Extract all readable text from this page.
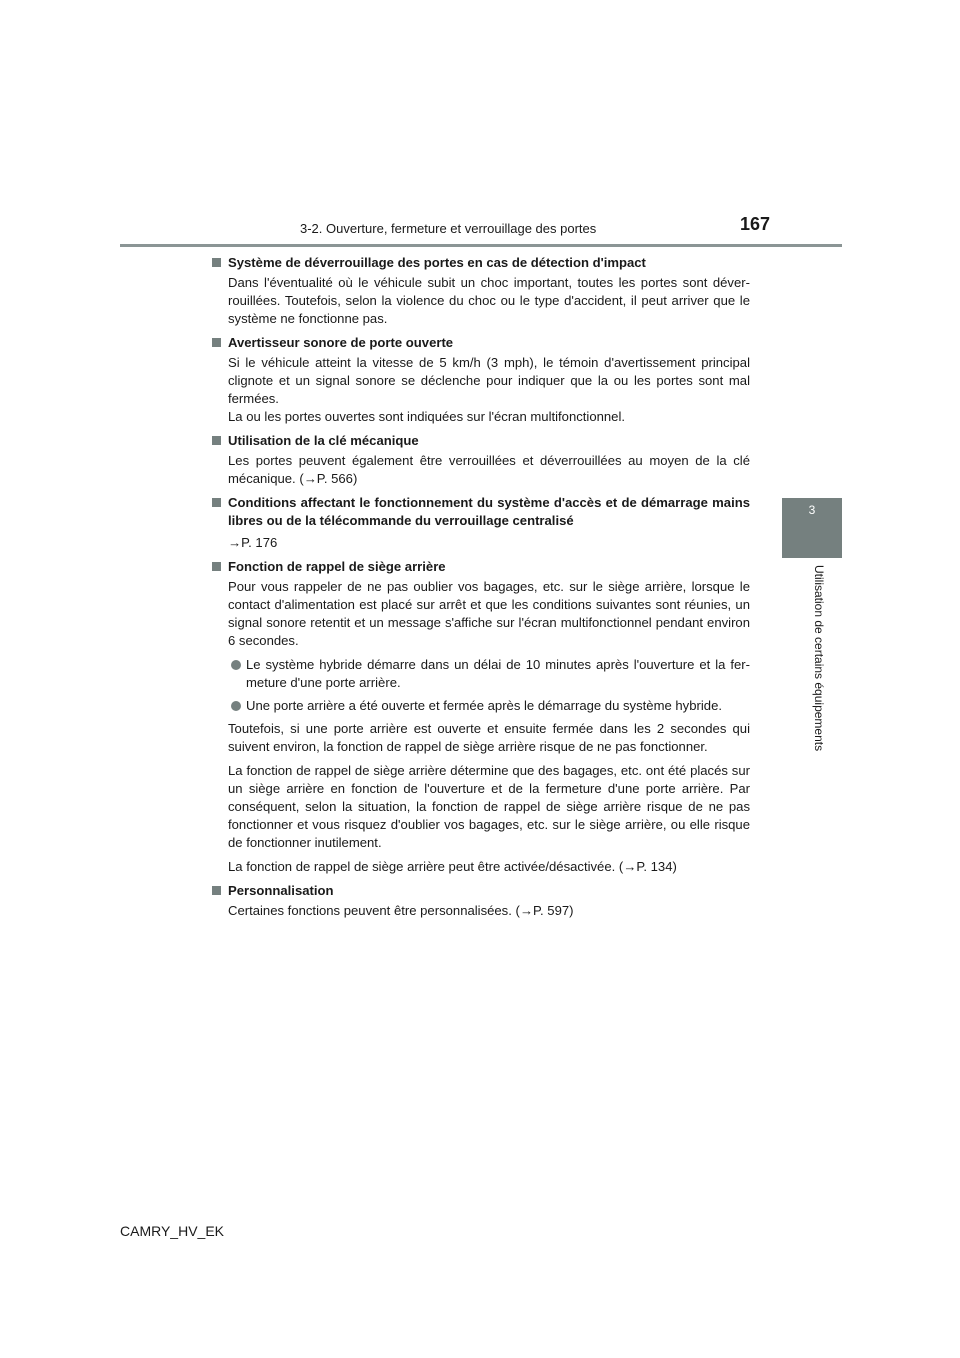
3-2. Ouverture, fermeture et verrouillage des portes	167
3
Utilisation de certains équipements
Système de déverrouillage des portes en cas de détection d'impact
Dans l'éventualité où le véhicule subit un choc important, toutes les portes sont déver-rouillées. Toutefois, selon la violence du choc ou le type d'accident, il peut arriver que le système ne fonctionne pas.
Avertisseur sonore de porte ouverte
Si le véhicule atteint la vitesse de 5 km/h (3 mph), le témoin d'avertissement principal clignote et un signal sonore se déclenche pour indiquer que la ou les portes sont mal fermées.
La ou les portes ouvertes sont indiquées sur l'écran multifonctionnel.
Utilisation de la clé mécanique
Les portes peuvent également être verrouillées et déverrouillées au moyen de la clé mécanique. (→P. 566)
Conditions affectant le fonctionnement du système d'accès et de démarrage mains libres ou de la télécommande du verrouillage centralisé
→P. 176
Fonction de rappel de siège arrière
Pour vous rappeler de ne pas oublier vos bagages, etc. sur le siège arrière, lorsque le contact d'alimentation est placé sur arrêt et que les conditions suivantes sont réunies, un signal sonore retentit et un message s'affiche sur l'écran multifonctionnel pendant environ 6 secondes.
Le système hybride démarre dans un délai de 10 minutes après l'ouverture et la fer-meture d'une porte arrière.
Une porte arrière a été ouverte et fermée après le démarrage du système hybride.
Toutefois, si une porte arrière est ouverte et ensuite fermée dans les 2 secondes qui suivent environ, la fonction de rappel de siège arrière risque de ne pas fonctionner.
La fonction de rappel de siège arrière détermine que des bagages, etc. ont été placés sur un siège arrière en fonction de l'ouverture et de la fermeture d'une porte arrière. Par conséquent, selon la situation, la fonction de rappel de siège arrière risque de ne pas fonctionner et vous risquez d'oublier vos bagages, etc. sur le siège arrière, ou elle risque de fonctionner inutilement.
La fonction de rappel de siège arrière peut être activée/désactivée. (→P. 134)
Personnalisation
Certaines fonctions peuvent être personnalisées. (→P. 597)
CAMRY_HV_EK
